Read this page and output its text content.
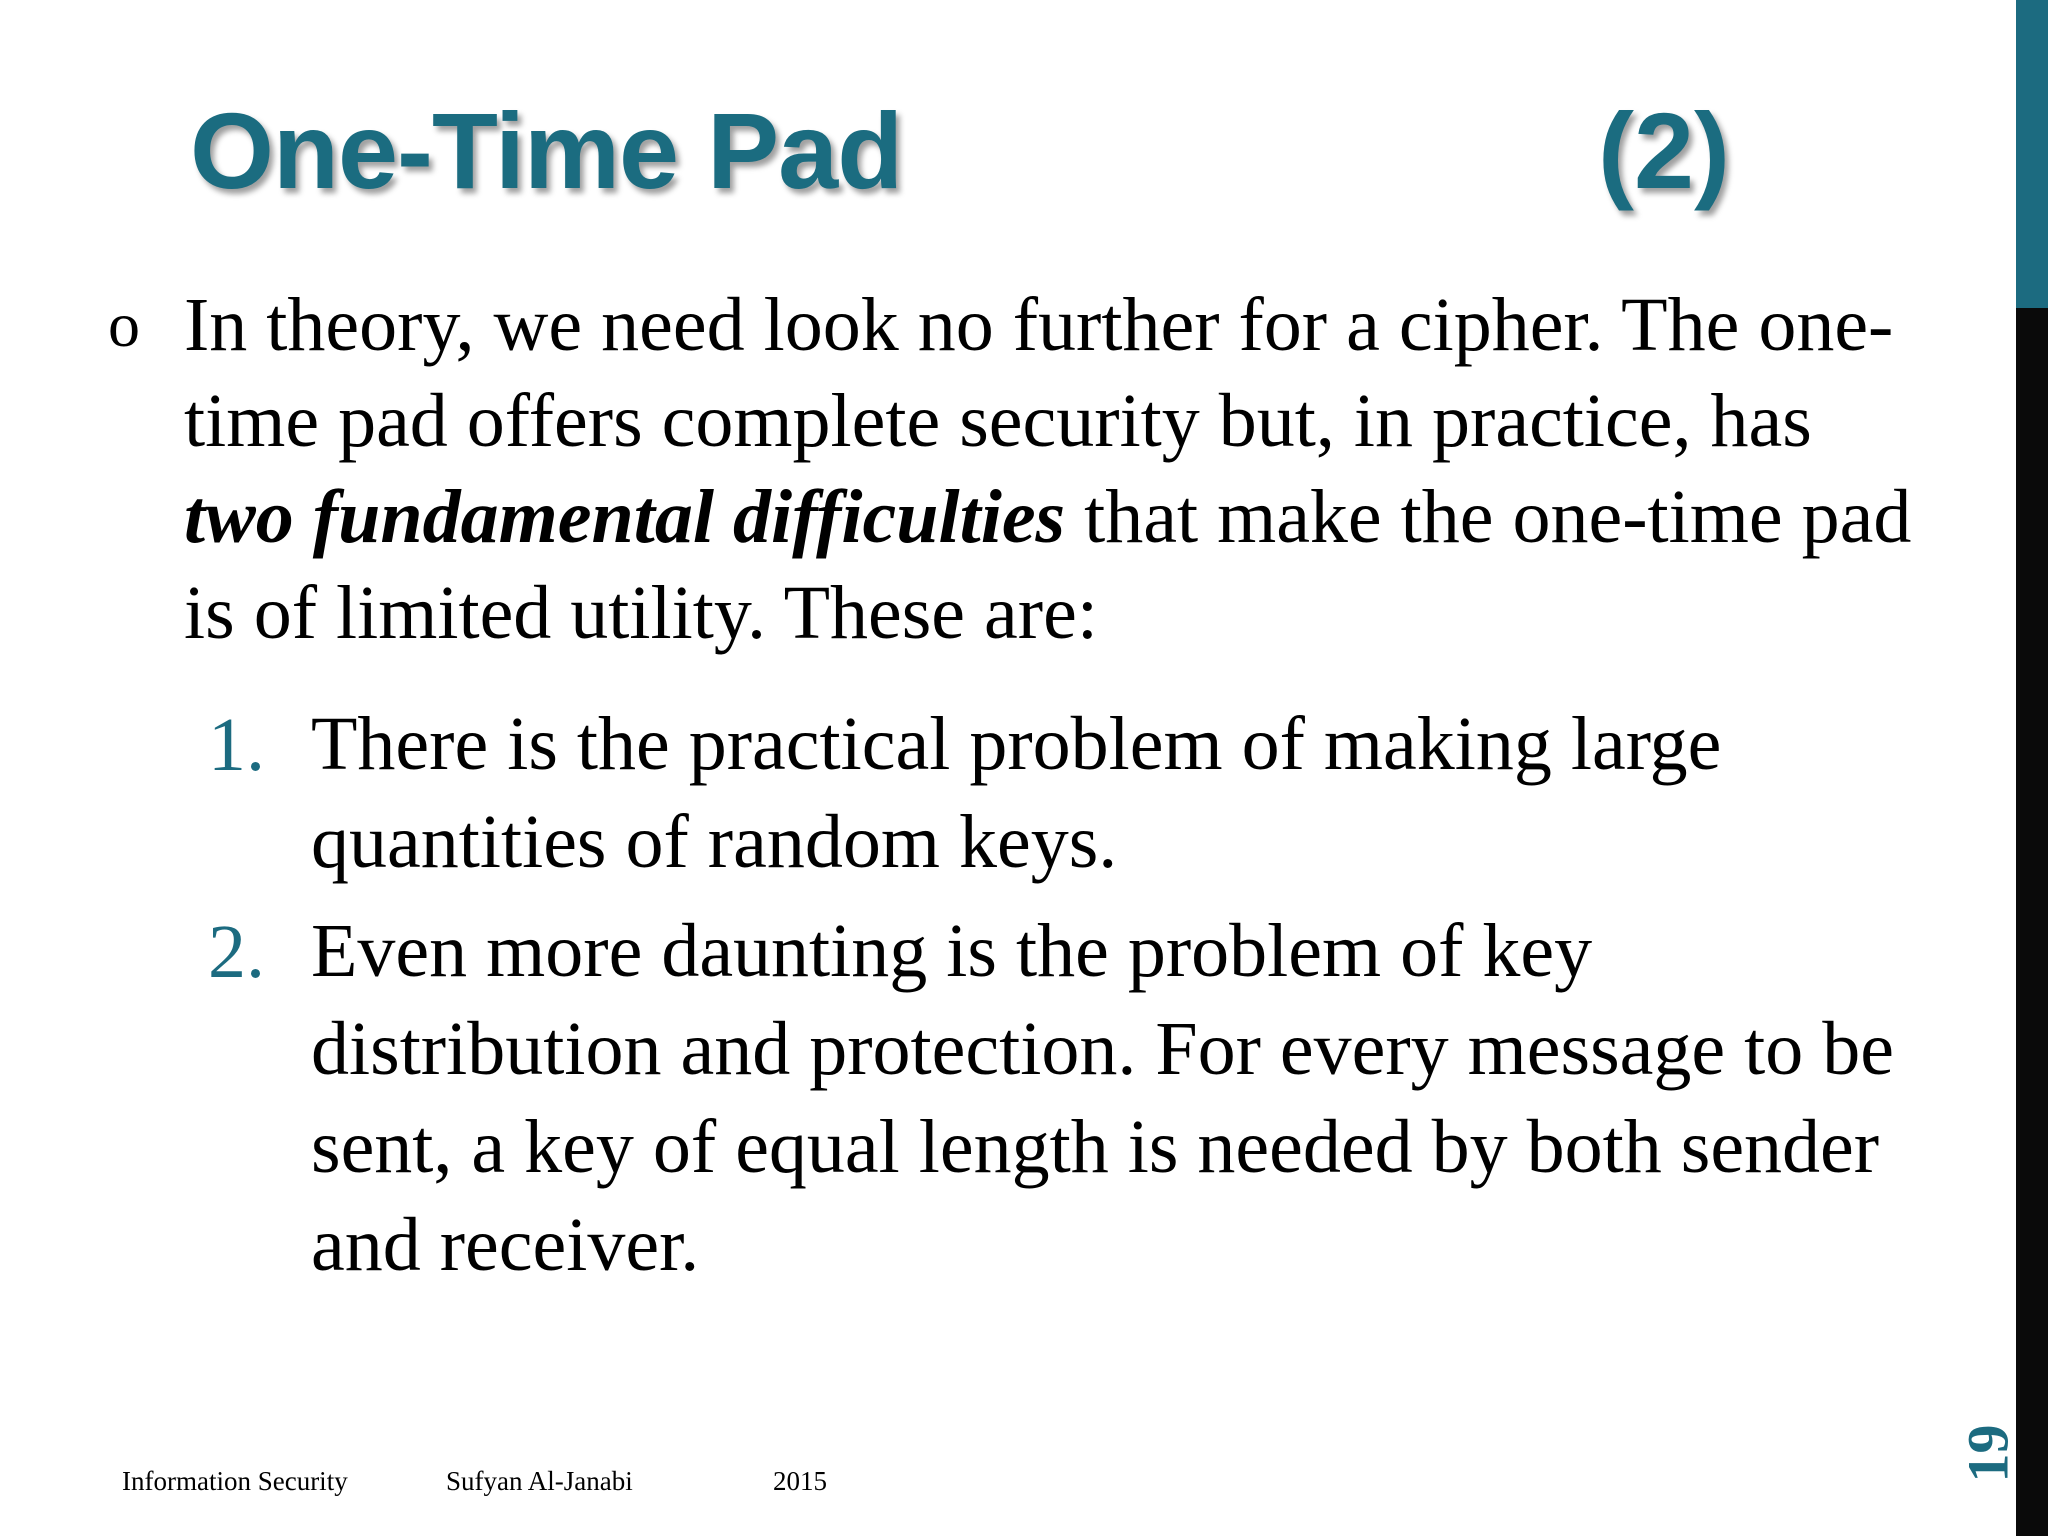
One-Time Pad	(2)
o In theory, we need look no further for a cipher. The one-
time pad offers complete security but, in practice, has
two fundamental difficulties that make the one-time pad
is of limited utility. These are:

1. There is the practical problem of making large
quantities of random keys.
2. Even more daunting is the problem of key
distribution and protection. For every message to be
sent, a key of equal length is needed by both sender
and receiver.
Information Security	Sufyan Al-Janabi	2015	19
